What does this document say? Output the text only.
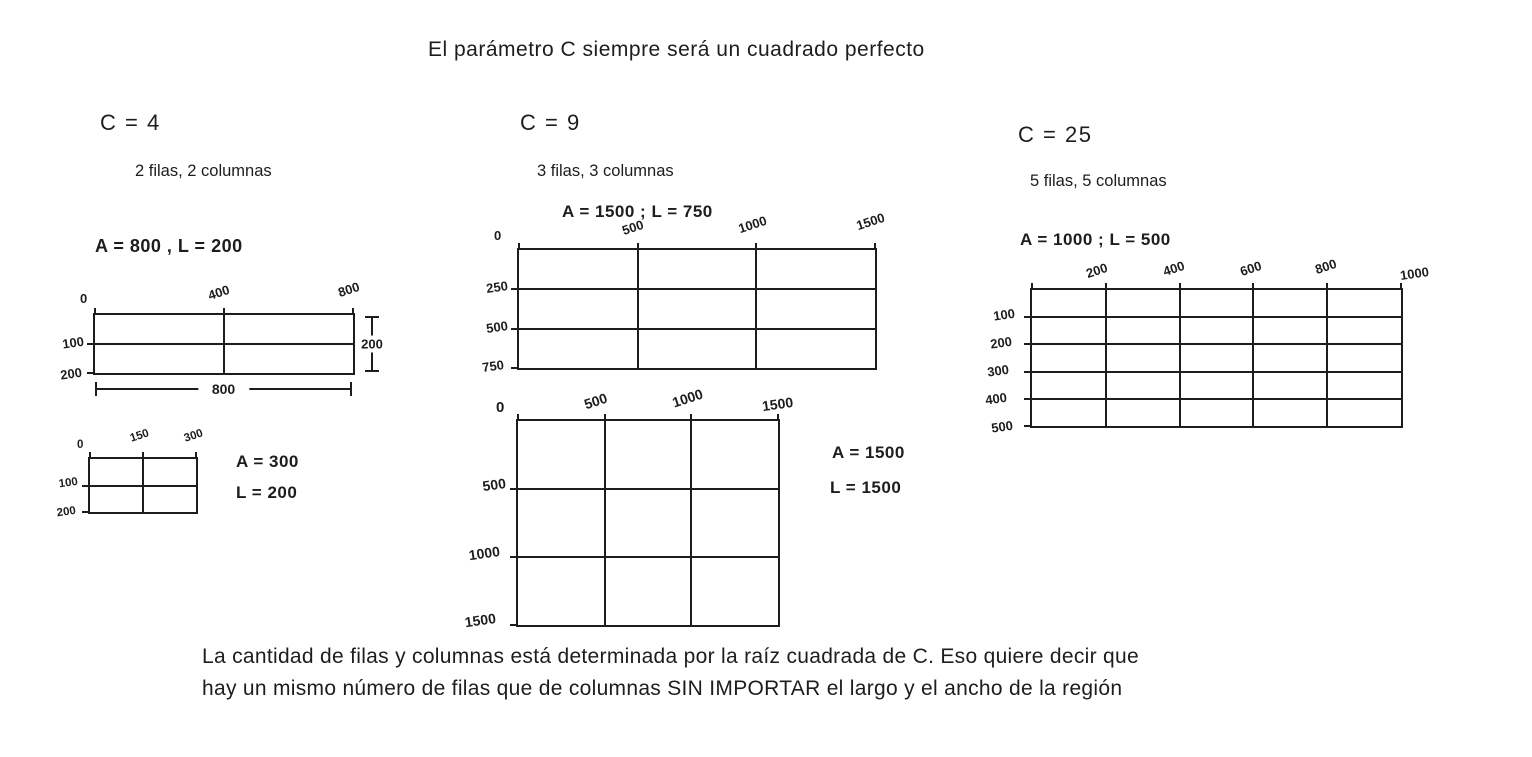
El parámetro C siempre será un cuadrado perfecto
C = 4
2 filas, 2 columnas
A = 800 , L = 200
0	400	800
100
200
200
800
0
150	300
100
200
A = 300
L = 200
C = 9
3 filas, 3 columnas
A = 1500 ; L = 750
0	500	1000	1500
250
500
750
0	500	1000	1500
500
1000
1500
A = 1500
L = 1500
C = 25
5 filas, 5 columnas
A = 1000 ; L = 500
200	400	600	800	1000
100
200
300
400
500
La cantidad de filas y columnas está determinada por la raíz cuadrada de C. Eso quiere decir que
hay un mismo número de filas que de columnas SIN IMPORTAR el largo y el ancho de la región
